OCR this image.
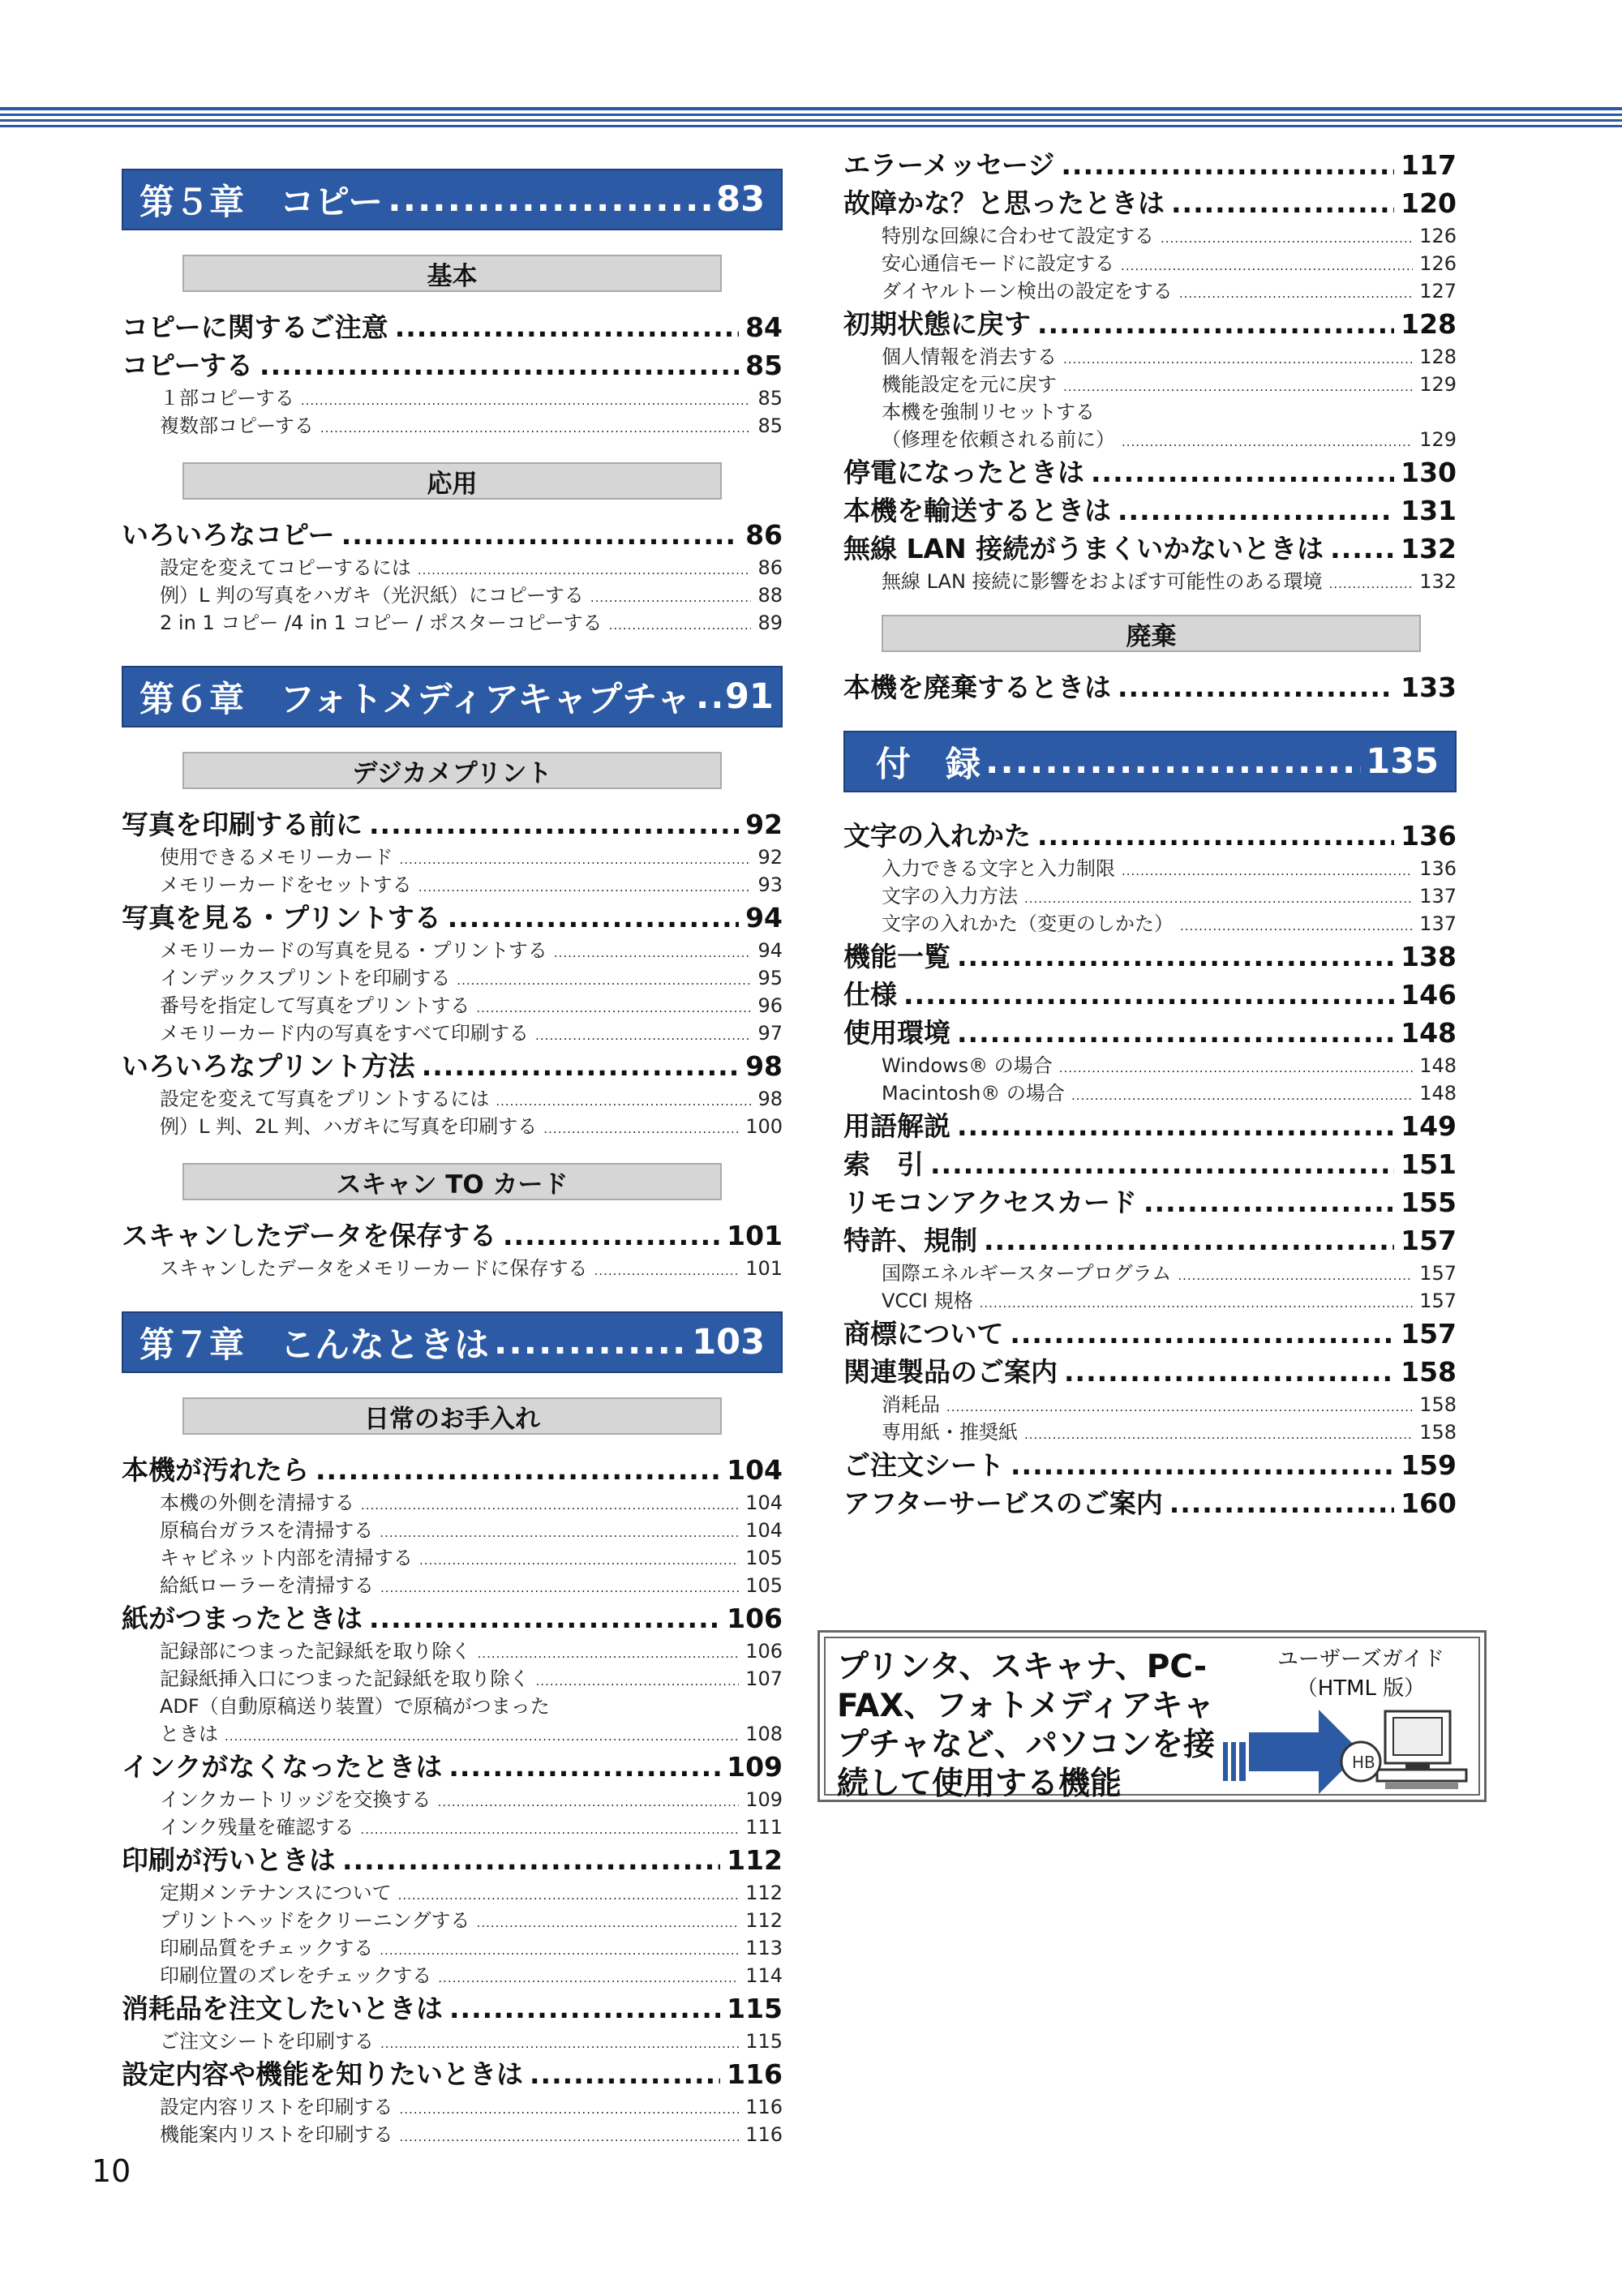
第５章 コピー .....	83
基本
コピーに関するご注意 .....	84
コピーする .....	85
１部コピーする .....	85
複数部コピーする .....	85
応用
いろいろなコピー .....	86
設定を変えてコピーするには .....	86
例）L 判の写真をハガキ（光沢紙）にコピーする .....	88
2 in 1 コピー /4 in 1 コピー / ポスターコピーする .....	89
第６章 フォトメディアキャプチャ ..... 91
デジカメプリント
写真を印刷する前に .....	92
使用できるメモリーカード .....	92
メモリーカードをセットする .....	93
写真を見る・プリントする .....	94
メモリーカードの写真を見る・プリントする .....	94
インデックスプリントを印刷する .....	95
番号を指定して写真をプリントする .....	96
メモリーカード内の写真をすべて印刷する .....	97
いろいろなプリント方法 .....	98
設定を変えて写真をプリントするには .....	98
例）L 判、2L 判、ハガキに写真を印刷する .....	100
スキャン TO カード
スキャンしたデータを保存する .....	101
スキャンしたデータをメモリーカードに保存する .....	101
第７章 こんなときは .....	103
日常のお手入れ
本機が汚れたら .....	104
本機の外側を清掃する .....	104
原稿台ガラスを清掃する .....	104
キャビネット内部を清掃する .....	105
給紙ローラーを清掃する .....	105
紙がつまったときは .....	106
記録部につまった記録紙を取り除く .....	106
記録紙挿入口につまった記録紙を取り除く .....	107
ADF（自動原稿送り装置）で原稿がつまった
ときは .....	108
インクがなくなったときは .....	109
インクカートリッジを交換する .....	109
インク残量を確認する .....	111
印刷が汚いときは .....	112
定期メンテナンスについて .....	112
プリントヘッドをクリーニングする .....	112
印刷品質をチェックする .....	113
印刷位置のズレをチェックする .....	114
消耗品を注文したいときは .....	115
ご注文シートを印刷する .....	115
設定内容や機能を知りたいときは .....	116
設定内容リストを印刷する .....	116
機能案内リストを印刷する .....	116
エラーメッセージ .....	117
故障かな？と思ったときは .....	120
特別な回線に合わせて設定する .....	126
安心通信モードに設定する .....	126
ダイヤルトーン検出の設定をする .....	127
初期状態に戻す .....	128
個人情報を消去する .....	128
機能設定を元に戻す .....	129
本機を強制リセットする
（修理を依頼される前に） .....	129
停電になったときは .....	130
本機を輸送するときは .....	131
無線 LAN 接続がうまくいかないときは .....	132
無線 LAN 接続に影響をおよぼす可能性のある環境 .....	132
廃棄
本機を廃棄するときは .....	133
付　録 .....	135
文字の入れかた .....	136
入力できる文字と入力制限 .....	136
文字の入力方法 .....	137
文字の入れかた（変更のしかた） .....	137
機能一覧 .....	138
仕様 .....	146
使用環境 .....	148
Windows® の場合 .....	148
Macintosh® の場合 .....	148
用語解説 .....	149
索　引 .....	151
リモコンアクセスカード .....	155
特許、規制 .....	157
国際エネルギースタープログラム .....	157
VCCI 規格 .....	157
商標について .....	157
関連製品のご案内 .....	158
消耗品 .....	158
専用紙・推奨紙 .....	158
ご注文シート .....	159
アフターサービスのご案内 .....	160
プリンタ、スキャナ、PC-FAX、フォトメディアキャプチャなど、パソコンを接続して使用する機能
ユーザーズガイド
（HTML 版）
HB
10
